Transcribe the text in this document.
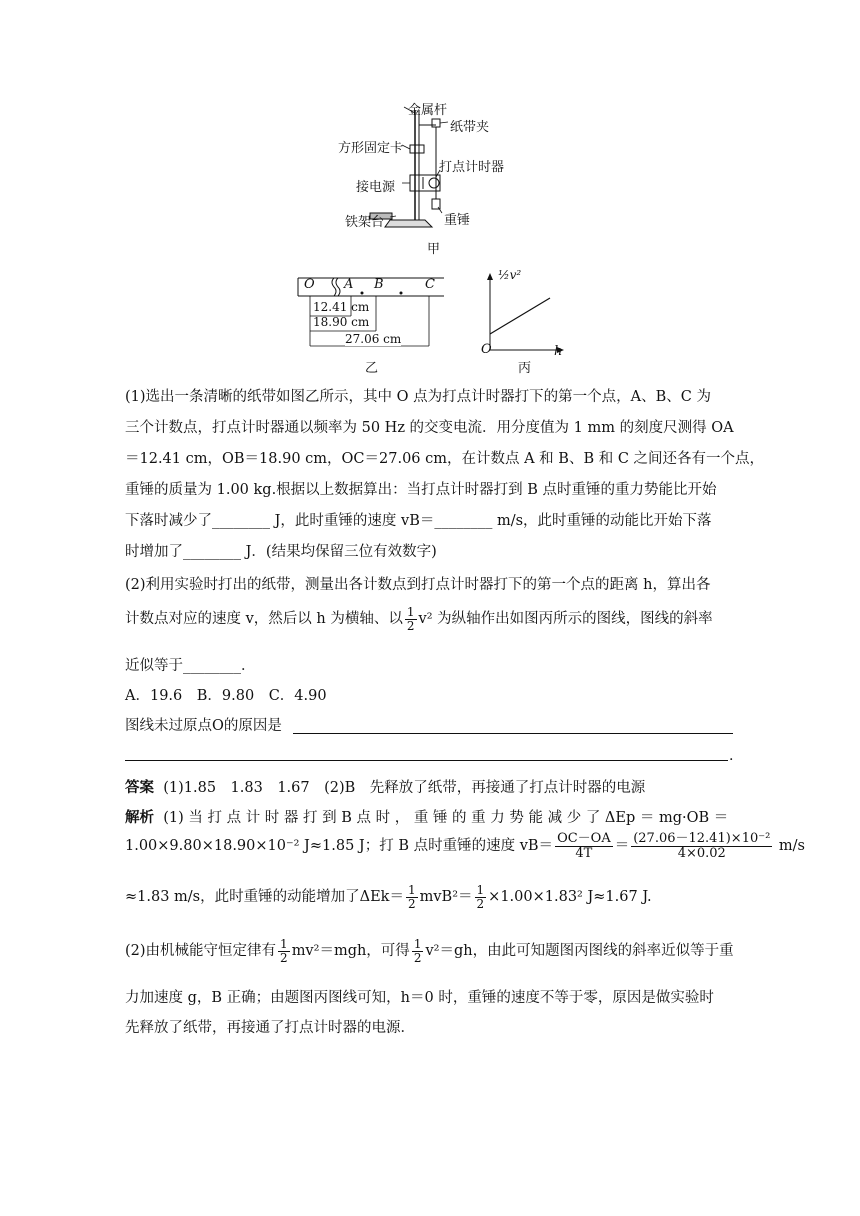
金属杆
纸带夹
方形固定卡
打点计时器
接电源
重锤
铁架台
甲
O A B	C
12.41 cm
18.90 cm
27.06 cm
乙
½v²
h
O
丙
(1)选出一条清晰的纸带如图乙所示，其中 O 点为打点计时器打下的第一个点，A、B、C 为
三个计数点，打点计时器通以频率为 50 Hz 的交变电流．用分度值为 1 mm 的刻度尺测得 OA
＝12.41 cm，OB＝18.90 cm，OC＝27.06 cm，在计数点 A 和 B、B 和 C 之间还各有一个点，
重锤的质量为 1.00 kg.根据以上数据算出：当打点计时器打到 B 点时重锤的重力势能比开始
下落时减少了________ J，此时重锤的速度 vB＝________ m/s，此时重锤的动能比开始下落
时增加了________ J．(结果均保留三位有效数字)
(2)利用实验时打出的纸带，测量出各计数点到打点计时器打下的第一个点的距离 h，算出各
计数点对应的速度 v，然后以 h 为横轴、以 $\frac{1}{2} v^2$ 为纵轴作出如图丙所示的图线，图线的斜率
近似等于________．
A．19.6　B．9.80　C．4.90
图线未过原点O的原因是
.
答案 (1)1.85　1.83　1.67　(2)B　先释放了纸带，再接通了打点计时器的电源
解析 (1) 当 打 点 计 时 器 打 到 B 点 时 ， 重 锤 的 重 力 势 能 减 少 了 ΔEp ＝ mg·OB ＝
1.00×9.80×18.90×10⁻² J≈1.85 J；打 B 点时重锤的速度 $vB= \frac{OC-OA}{4T} = \frac{\text{(27.06－12.41)×10⁻²}}{4\times 0.02} m/s$
≈1.83 m/s，此时重锤的动能增加了$\Delta Ek= \frac{1}{2} mvB^2= \frac{1}{2} \times 1.00\times 1.83^2$ J≈1.67 J.
(2)由机械能守恒定律有 $\frac{1}{2} mv^2=mgh$，可得 $\frac{1}{2} v^2=gh$，由此可知题图丙图线的斜率近似等于重
力加速度 g，B 正确；由题图丙图线可知，h＝0 时，重锤的速度不等于零，原因是做实验时
先释放了纸带，再接通了打点计时器的电源．
